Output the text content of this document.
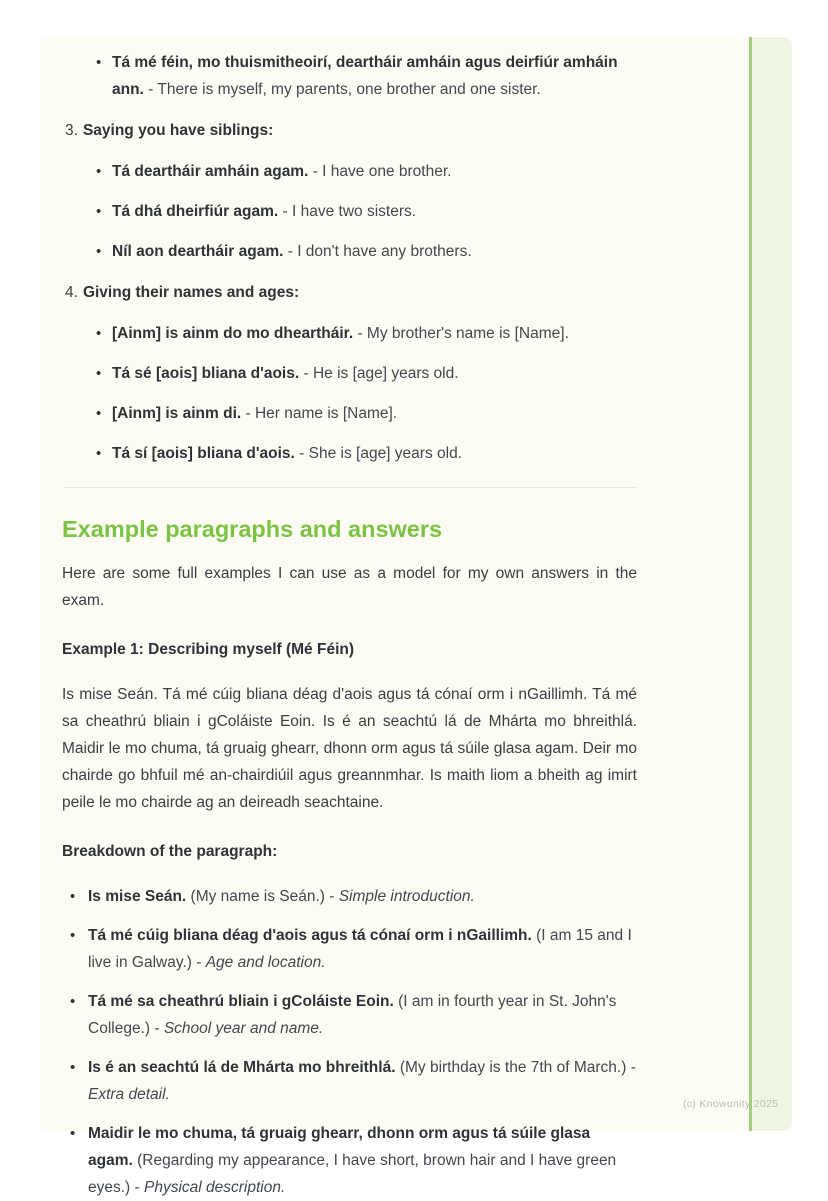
• Tá mé féin, mo thuismitheoirí, deartháir amháin agus deirfiúr amháin ann. - There is myself, my parents, one brother and one sister.
3. Saying you have siblings:
• Tá deartháir amháin agam. - I have one brother.
• Tá dhá dheirfiúr agam. - I have two sisters.
• Níl aon deartháir agam. - I don't have any brothers.
4. Giving their names and ages:
• [Ainm] is ainm do mo dheartháir. - My brother's name is [Name].
• Tá sé [aois] bliana d'aois. - He is [age] years old.
• [Ainm] is ainm di. - Her name is [Name].
• Tá sí [aois] bliana d'aois. - She is [age] years old.
Example paragraphs and answers

Here are some full examples I can use as a model for my own answers in the exam.

Example 1: Describing myself (Mé Féin)

Is mise Seán. Tá mé cúig bliana déag d'aois agus tá cónaí orm i nGaillimh. Tá mé sa cheathrú bliain i gColáiste Eoin. Is é an seachtú lá de Mhárta mo bhreithlá. Maidir le mo chuma, tá gruaig ghearr, dhonn orm agus tá súile glasa agam. Deir mo chairde go bhfuil mé an-chairdiúil agus greannmhar. Is maith liom a bheith ag imirt peile le mo chairde ag an deireadh seachtaine.

Breakdown of the paragraph:
• Is mise Seán. (My name is Seán.) - Simple introduction.
• Tá mé cúig bliana déag d'aois agus tá cónaí orm i nGaillimh. (I am 15 and I live in Galway.) - Age and location.
• Tá mé sa cheathrú bliain i gColáiste Eoin. (I am in fourth year in St. John's College.) - School year and name.
• Is é an seachtú lá de Mhárta mo bhreithlá. (My birthday is the 7th of March.) - Extra detail.
• Maidir le mo chuma, tá gruaig ghearr, dhonn orm agus tá súile glasa agam. (Regarding my appearance, I have short, brown hair and I have green eyes.) - Physical description.
(c) Knowunity 2025
